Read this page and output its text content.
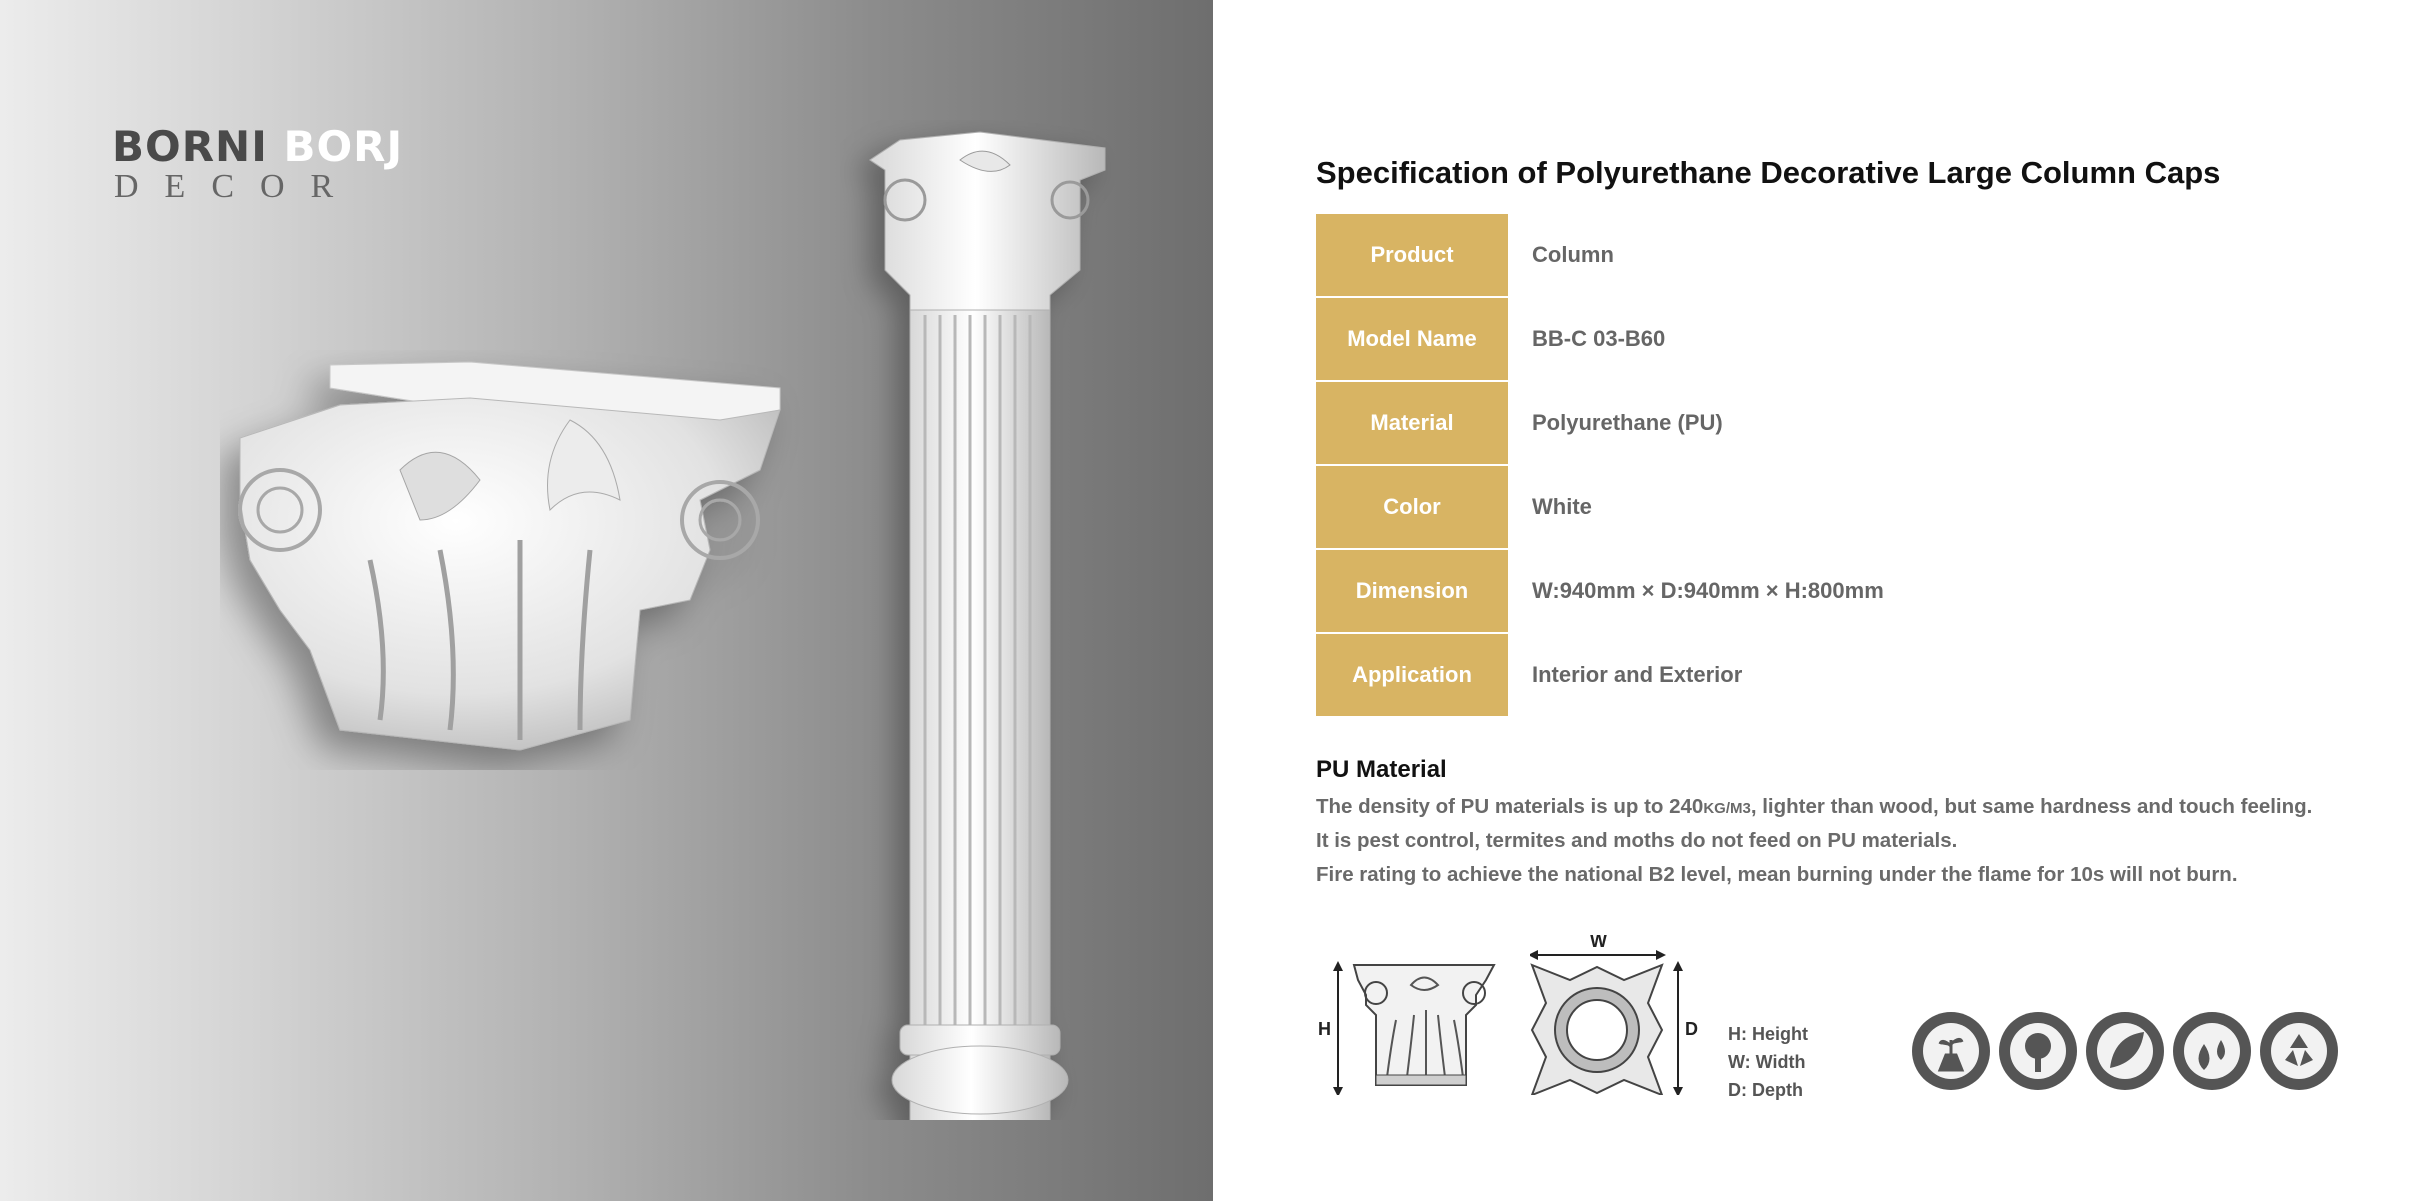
BORNI BORJ
DECOR	Specification of Polyurethane Decorative Large Column Caps
Product	Column
Model Name	BB-C 03-B60
Material	Polyurethane (PU)
Color	White
Dimension	W:940mm × D:940mm × H:800mm
Application	Interior and Exterior
PU Material
The density of PU materials is up to 240KG/M3, lighter than wood, but same hardness and touch feeling.
It is pest control, termites and moths do not feed on PU materials.
Fire rating to achieve the national B2 level, mean burning under the flame for 10s will not burn.
H
W
D H: Height
W: Width
D: Depth
